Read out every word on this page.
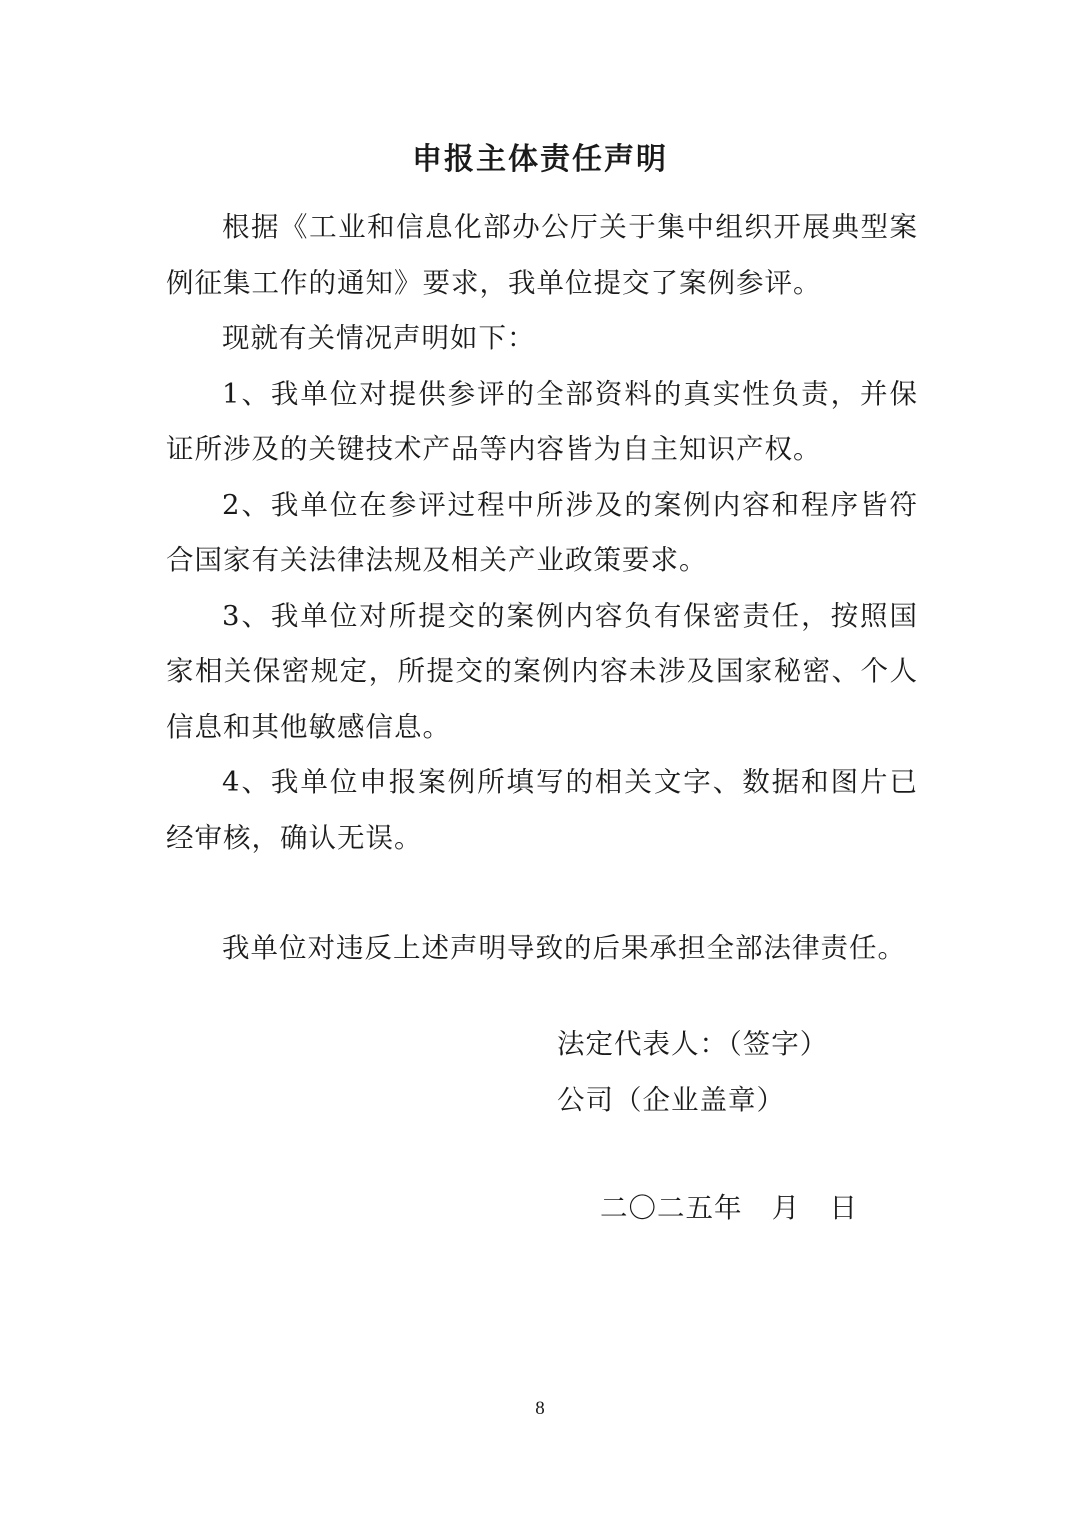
申报主体责任声明

根据《工业和信息化部办公厅关于集中组织开展典型案例征集工作的通知》要求，我单位提交了案例参评。

现就有关情况声明如下：

1、我单位对提供参评的全部资料的真实性负责，并保证所涉及的关键技术产品等内容皆为自主知识产权。

2、我单位在参评过程中所涉及的案例内容和程序皆符合国家有关法律法规及相关产业政策要求。

3、我单位对所提交的案例内容负有保密责任，按照国家相关保密规定，所提交的案例内容未涉及国家秘密、个人信息和其他敏感信息。

4、我单位申报案例所填写的相关文字、数据和图片已经审核，确认无误。

我单位对违反上述声明导致的后果承担全部法律责任。

法定代表人：（签字）
公司（企业盖章）
二〇二五年   月   日
8
